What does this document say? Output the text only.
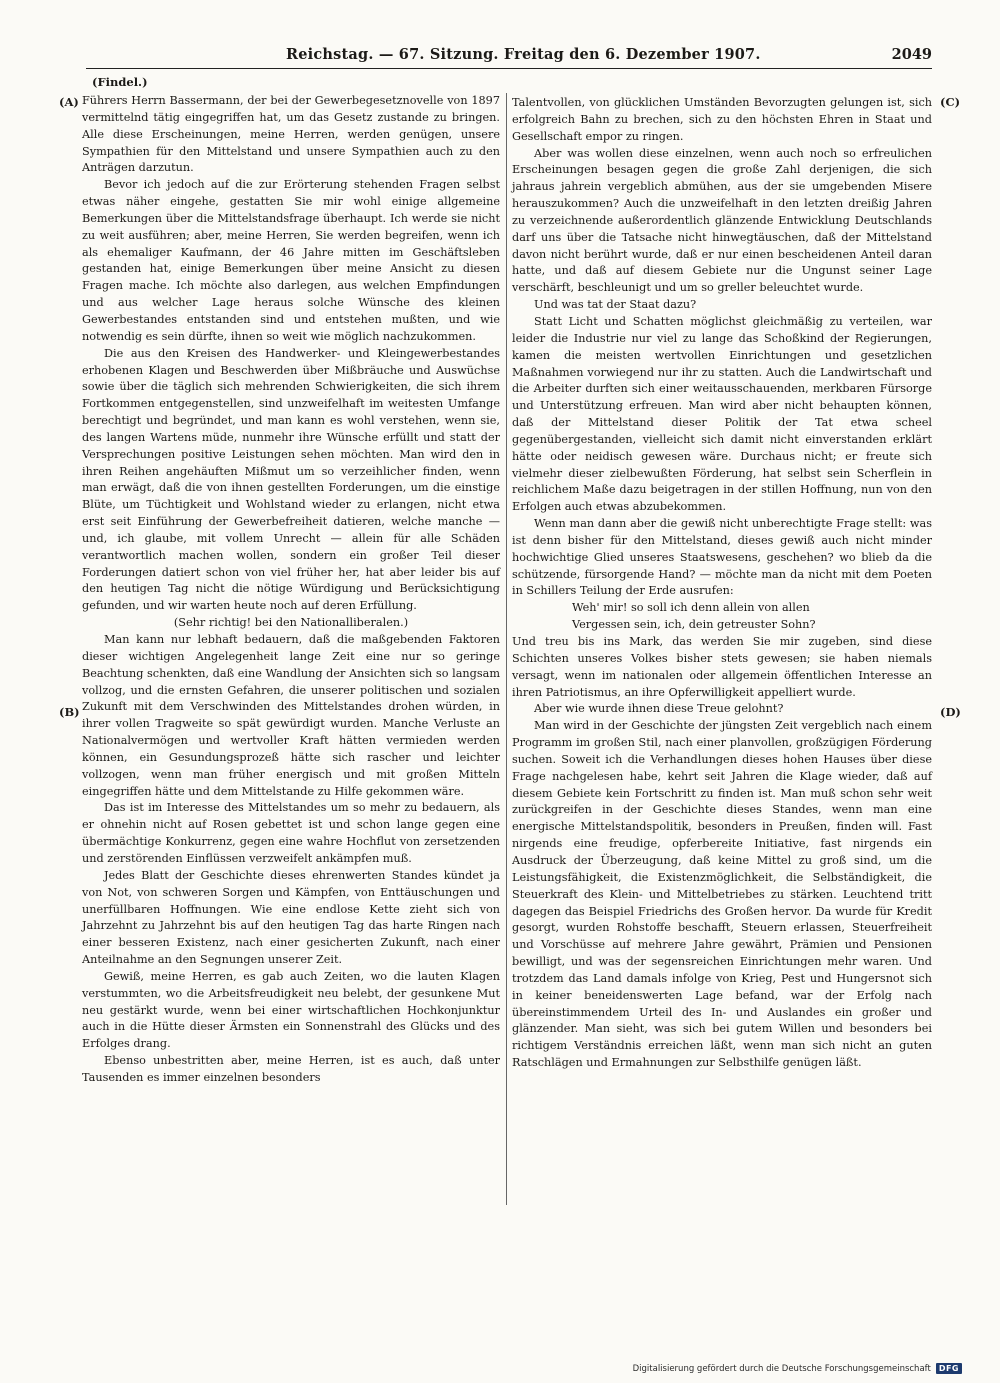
Reichstag. — 67. Sitzung. Freitag den 6. Dezember 1907.	2049
(Findel.)
(A)
(B)
(C)
(D)

Führers Herrn Bassermann, der bei der Gewerbegesetznovelle von 1897 vermittelnd tätig eingegriffen hat, um das Gesetz zustande zu bringen. Alle diese Erscheinungen, meine Herren, werden genügen, unsere Sympathien für den Mittelstand und unsere Sympathien auch zu den Anträgen darzutun.

Bevor ich jedoch auf die zur Erörterung stehenden Fragen selbst etwas näher eingehe, gestatten Sie mir wohl einige allgemeine Bemerkungen über die Mittelstandsfrage überhaupt. Ich werde sie nicht zu weit ausführen; aber, meine Herren, Sie werden begreifen, wenn ich als ehemaliger Kaufmann, der 46 Jahre mitten im Geschäftsleben gestanden hat, einige Bemerkungen über meine Ansicht zu diesen Fragen mache. Ich möchte also darlegen, aus welchen Empfindungen und aus welcher Lage heraus solche Wünsche des kleinen Gewerbestandes entstanden sind und entstehen mußten, und wie notwendig es sein dürfte, ihnen so weit wie möglich nachzukommen.

Die aus den Kreisen des Handwerker- und Kleingewerbestandes erhobenen Klagen und Beschwerden über Mißbräuche und Auswüchse sowie über die täglich sich mehrenden Schwierigkeiten, die sich ihrem Fortkommen entgegenstellen, sind unzweifelhaft im weitesten Umfange berechtigt und begründet, und man kann es wohl verstehen, wenn sie, des langen Wartens müde, nunmehr ihre Wünsche erfüllt und statt der Versprechungen positive Leistungen sehen möchten. Man wird den in ihren Reihen angehäuften Mißmut um so verzeihlicher finden, wenn man erwägt, daß die von ihnen gestellten Forderungen, um die einstige Blüte, um Tüchtigkeit und Wohlstand wieder zu erlangen, nicht etwa erst seit Einführung der Gewerbefreiheit datieren, welche manche — und, ich glaube, mit vollem Unrecht — allein für alle Schäden verantwortlich machen wollen, sondern ein großer Teil dieser Forderungen datiert schon von viel früher her, hat aber leider bis auf den heutigen Tag nicht die nötige Würdigung und Berücksichtigung gefunden, und wir warten heute noch auf deren Erfüllung.

(Sehr richtig! bei den Nationalliberalen.)

Man kann nur lebhaft bedauern, daß die maßgebenden Faktoren dieser wichtigen Angelegenheit lange Zeit eine nur so geringe Beachtung schenkten, daß eine Wandlung der Ansichten sich so langsam vollzog, und die ernsten Gefahren, die unserer politischen und sozialen Zukunft mit dem Verschwinden des Mittelstandes drohen würden, in ihrer vollen Tragweite so spät gewürdigt wurden. Manche Verluste an Nationalvermögen und wertvoller Kraft hätten vermieden werden können, ein Gesundungsprozeß hätte sich rascher und leichter vollzogen, wenn man früher energisch und mit großen Mitteln eingegriffen hätte und dem Mittelstande zu Hilfe gekommen wäre.

Das ist im Interesse des Mittelstandes um so mehr zu bedauern, als er ohnehin nicht auf Rosen gebettet ist und schon lange gegen eine übermächtige Konkurrenz, gegen eine wahre Hochflut von zersetzenden und zerstörenden Einflüssen verzweifelt ankämpfen muß.

Jedes Blatt der Geschichte dieses ehrenwerten Standes kündet ja von Not, von schweren Sorgen und Kämpfen, von Enttäuschungen und unerfüllbaren Hoffnungen. Wie eine endlose Kette zieht sich von Jahrzehnt zu Jahrzehnt bis auf den heutigen Tag das harte Ringen nach einer besseren Existenz, nach einer gesicherten Zukunft, nach einer Anteilnahme an den Segnungen unserer Zeit.

Gewiß, meine Herren, es gab auch Zeiten, wo die lauten Klagen verstummten, wo die Arbeitsfreudigkeit neu belebt, der gesunkene Mut neu gestärkt wurde, wenn bei einer wirtschaftlichen Hochkonjunktur auch in die Hütte dieser Ärmsten ein Sonnenstrahl des Glücks und des Erfolges drang.

Ebenso unbestritten aber, meine Herren, ist es auch, daß unter Tausenden es immer einzelnen besonders

Talentvollen, von glücklichen Umständen Bevorzugten gelungen ist, sich erfolgreich Bahn zu brechen, sich zu den höchsten Ehren in Staat und Gesellschaft empor zu ringen.

Aber was wollen diese einzelnen, wenn auch noch so erfreulichen Erscheinungen besagen gegen die große Zahl derjenigen, die sich jahraus jahrein vergeblich abmühen, aus der sie umgebenden Misere herauszukommen? Auch die unzweifelhaft in den letzten dreißig Jahren zu verzeichnende außerordentlich glänzende Entwicklung Deutschlands darf uns über die Tatsache nicht hinwegtäuschen, daß der Mittelstand davon nicht berührt wurde, daß er nur einen bescheidenen Anteil daran hatte, und daß auf diesem Gebiete nur die Ungunst seiner Lage verschärft, beschleunigt und um so greller beleuchtet wurde.

Und was tat der Staat dazu?

Statt Licht und Schatten möglichst gleichmäßig zu verteilen, war leider die Industrie nur viel zu lange das Schoßkind der Regierungen, kamen die meisten wertvollen Einrichtungen und gesetzlichen Maßnahmen vorwiegend nur ihr zu statten. Auch die Landwirtschaft und die Arbeiter durften sich einer weitausschauenden, merkbaren Fürsorge und Unterstützung erfreuen. Man wird aber nicht behaupten können, daß der Mittelstand dieser Politik der Tat etwa scheel gegenübergestanden, vielleicht sich damit nicht einverstanden erklärt hätte oder neidisch gewesen wäre. Durchaus nicht; er freute sich vielmehr dieser zielbewußten Förderung, hat selbst sein Scherflein in reichlichem Maße dazu beigetragen in der stillen Hoffnung, nun von den Erfolgen auch etwas abzubekommen.

Wenn man dann aber die gewiß nicht unberechtigte Frage stellt: was ist denn bisher für den Mittelstand, dieses gewiß auch nicht minder hochwichtige Glied unseres Staatswesens, geschehen? wo blieb da die schützende, fürsorgende Hand? — möchte man da nicht mit dem Poeten in Schillers Teilung der Erde ausrufen:

Weh' mir! so soll ich denn allein von allen

Vergessen sein, ich, dein getreuster Sohn?

Und treu bis ins Mark, das werden Sie mir zugeben, sind diese Schichten unseres Volkes bisher stets gewesen; sie haben niemals versagt, wenn im nationalen oder allgemein öffentlichen Interesse an ihren Patriotismus, an ihre Opferwilligkeit appelliert wurde.

Aber wie wurde ihnen diese Treue gelohnt?

Man wird in der Geschichte der jüngsten Zeit vergeblich nach einem Programm im großen Stil, nach einer planvollen, großzügigen Förderung suchen. Soweit ich die Verhandlungen dieses hohen Hauses über diese Frage nachgelesen habe, kehrt seit Jahren die Klage wieder, daß auf diesem Gebiete kein Fortschritt zu finden ist. Man muß schon sehr weit zurückgreifen in der Geschichte dieses Standes, wenn man eine energische Mittelstandspolitik, besonders in Preußen, finden will. Fast nirgends eine freudige, opferbereite Initiative, fast nirgends ein Ausdruck der Überzeugung, daß keine Mittel zu groß sind, um die Leistungsfähigkeit, die Existenzmöglichkeit, die Selbständigkeit, die Steuerkraft des Klein- und Mittelbetriebes zu stärken. Leuchtend tritt dagegen das Beispiel Friedrichs des Großen hervor. Da wurde für Kredit gesorgt, wurden Rohstoffe beschafft, Steuern erlassen, Steuerfreiheit und Vorschüsse auf mehrere Jahre gewährt, Prämien und Pensionen bewilligt, und was der segensreichen Einrichtungen mehr waren. Und trotzdem das Land damals infolge von Krieg, Pest und Hungersnot sich in keiner beneidenswerten Lage befand, war der Erfolg nach übereinstimmendem Urteil des In- und Auslandes ein großer und glänzender. Man sieht, was sich bei gutem Willen und besonders bei richtigem Verständnis erreichen läßt, wenn man sich nicht an guten Ratschlägen und Ermahnungen zur Selbsthilfe genügen läßt.

Digitalisierung gefördert durch die Deutsche Forschungsgemeinschaft	DFG
